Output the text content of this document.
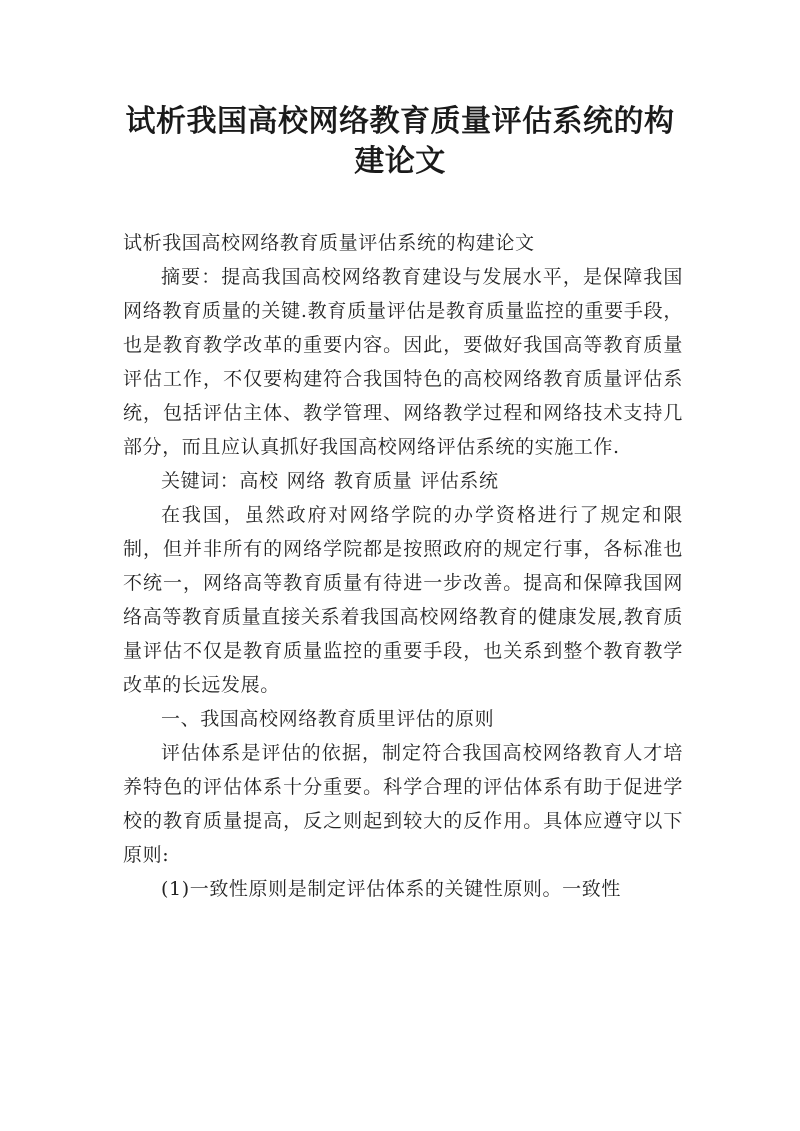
试析我国高校网络教育质量评估系统的构
建论文

试析我国高校网络教育质量评估系统的构建论文

摘要：提高我国高校网络教育建设与发展水平，是保障我国网络教育质量的关键.教育质量评估是教育质量监控的重要手段，也是教育教学改革的重要内容。因此，要做好我国高等教育质量评估工作，不仅要构建符合我国特色的高校网络教育质量评估系统，包括评估主体、教学管理、网络教学过程和网络技术支持几部分，而且应认真抓好我国高校网络评估系统的实施工作.

关键词：高校 网络 教育质量 评估系统

在我国，虽然政府对网络学院的办学资格进行了规定和限制，但并非所有的网络学院都是按照政府的规定行事，各标准也不统一，网络高等教育质量有待进一步改善。提高和保障我国网络高等教育质量直接关系着我国高校网络教育的健康发展,教育质量评估不仅是教育质量监控的重要手段，也关系到整个教育教学改革的长远发展。

一、我国高校网络教育质里评估的原则

评估体系是评估的依据，制定符合我国高校网络教育人才培养特色的评估体系十分重要。科学合理的评估体系有助于促进学校的教育质量提高，反之则起到较大的反作用。具体应遵守以下原则:

(1)一致性原则是制定评估体系的关键性原则。一致性
